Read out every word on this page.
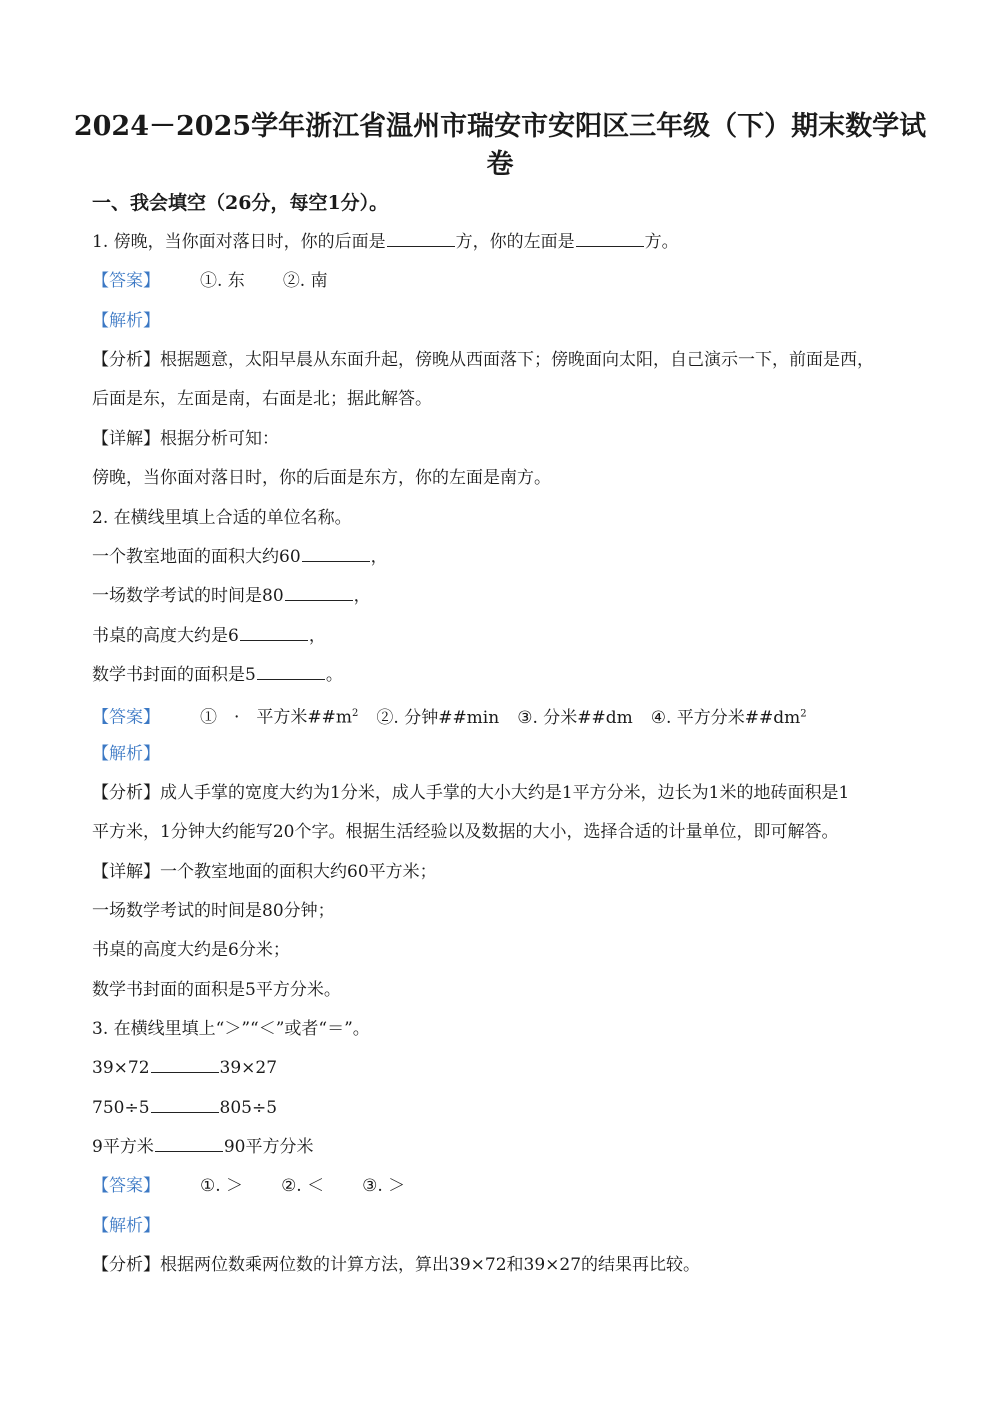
2024－2025学年浙江省温州市瑞安市安阳区三年级（下）期末数学试
卷
一、我会填空（26分，每空1分）。
1. 傍晚，当你面对落日时，你的后面是	方，你的左面是	方。
【答案】 ①. 东 ②. 南
【解析】
【分析】根据题意，太阳早晨从东面升起，傍晚从西面落下；傍晚面向太阳，自己演示一下，前面是西，
后面是东，左面是南，右面是北；据此解答。
【详解】根据分析可知：
傍晚，当你面对落日时，你的后面是东方，你的左面是南方。
2. 在横线里填上合适的单位名称。
一个教室地面的面积大约60	，
一场数学考试的时间是80	，
书桌的高度大约是6	，
数学书封面的面积是5	。
【答案】 ①　·　平方米$\#\#m^2$ ②. 分钟##min ③. 分米##dm ④. 平方分米$\#\#dm^2$
【解析】
【分析】成人手掌的宽度大约为1分米，成人手掌的大小大约是1平方分米，边长为1米的地砖面积是1
平方米，1分钟大约能写20个字。根据生活经验以及数据的大小，选择合适的计量单位，即可解答。
【详解】一个教室地面的面积大约60平方米；
一场数学考试的时间是80分钟；
书桌的高度大约是6分米；
数学书封面的面积是5平方分米。
3. 在横线里填上“＞”“＜”或者“＝”。
39×72	39×27
750÷5	805÷5
9平方米	90平方分米
【答案】 ①. ＞ ②. ＜ ③. ＞
【解析】
【分析】根据两位数乘两位数的计算方法，算出39×72和39×27的结果再比较。
